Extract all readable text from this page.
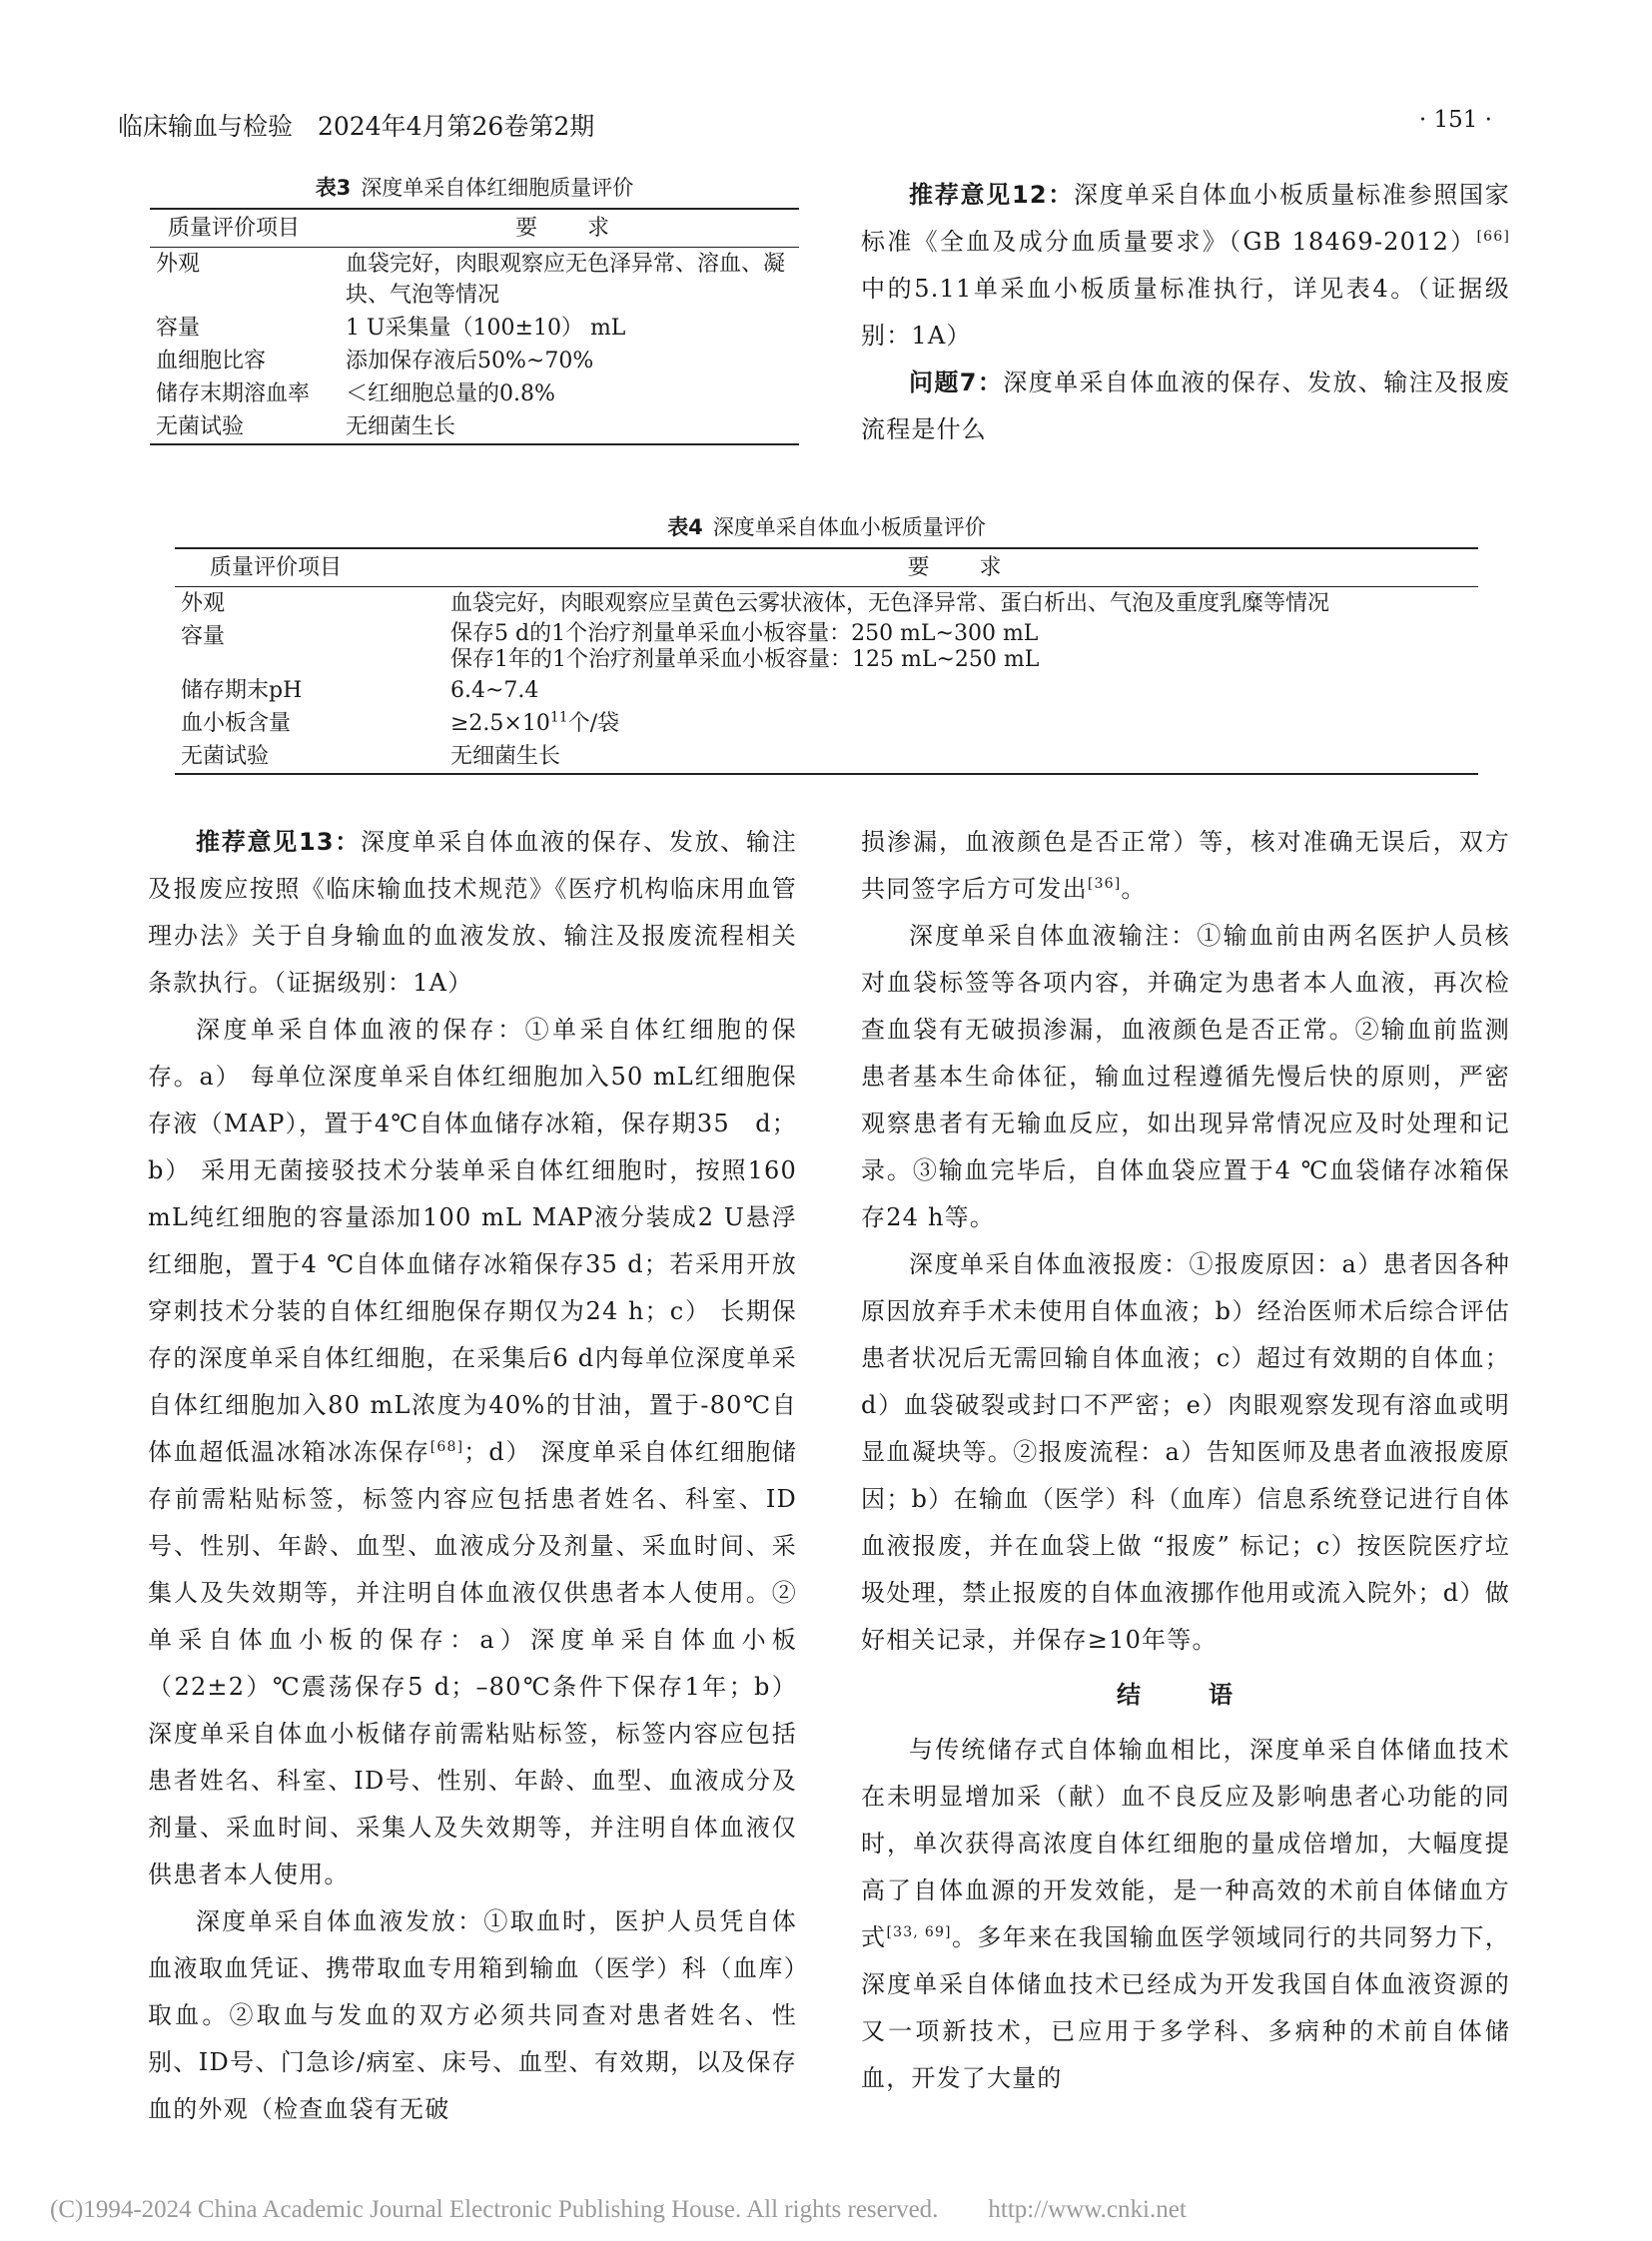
临床输血与检验　2024年4月第26卷第2期	· 151 ·
表3 深度单采自体红细胞质量评价
质量评价项目	要　求
外观	血袋完好，肉眼观察应无色泽异常、溶血、凝块、气泡等情况
容量	1 U采集量（100±10） mL
血细胞比容	添加保存液后50%~70%
储存末期溶血率	＜红细胞总量的0.8%
无菌试验	无细菌生长

推荐意见12：深度单采自体血小板质量标准参照国家标准《全血及成分血质量要求》（GB 18469-2012）[66]中的5.11单采血小板质量标准执行，详见表4。（证据级别：1A）

问题7：深度单采自体血液的保存、发放、输注及报废流程是什么

表4 深度单采自体血小板质量评价
质量评价项目	要　求
外观	血袋完好，肉眼观察应呈黄色云雾状液体，无色泽异常、蛋白析出、气泡及重度乳糜等情况
容量	保存5 d的1个治疗剂量单采血小板容量：250 mL~300 mL
保存1年的1个治疗剂量单采血小板容量：125 mL~250 mL

储存期末pH	6.4~7.4
血小板含量	$\ge 2.5\times 10^{11}$个/袋
无菌试验	无细菌生长

推荐意见13：深度单采自体血液的保存、发放、输注及报废应按照《临床输血技术规范》《医疗机构临床用血管理办法》关于自身输血的血液发放、输注及报废流程相关条款执行。（证据级别：1A）

深度单采自体血液的保存：①单采自体红细胞的保存。a） 每单位深度单采自体红细胞加入50 mL红细胞保存液（MAP），置于4℃自体血储存冰箱，保存期35　d；b） 采用无菌接驳技术分装单采自体红细胞时，按照160 mL纯红细胞的容量添加100 mL MAP液分装成2 U悬浮红细胞，置于4 ℃自体血储存冰箱保存35 d；若采用开放穿刺技术分装的自体红细胞保存期仅为24 h；c） 长期保存的深度单采自体红细胞，在采集后6 d内每单位深度单采自体红细胞加入80 mL浓度为40%的甘油，置于-80℃自体血超低温冰箱冰冻保存[68]；d） 深度单采自体红细胞储存前需粘贴标签，标签内容应包括患者姓名、科室、ID号、性别、年龄、血型、血液成分及剂量、采血时间、采集人及失效期等，并注明自体血液仅供患者本人使用。②单采自体血小板的保存：a）深度单采自体血小板（22±2）℃震荡保存5 d；–80℃条件下保存1年；b）深度单采自体血小板储存前需粘贴标签，标签内容应包括患者姓名、科室、ID号、性别、年龄、血型、血液成分及剂量、采血时间、采集人及失效期等，并注明自体血液仅供患者本人使用。

深度单采自体血液发放：①取血时，医护人员凭自体血液取血凭证、携带取血专用箱到输血（医学）科（血库）取血。②取血与发血的双方必须共同查对患者姓名、性别、ID号、门急诊/病室、床号、血型、有效期，以及保存血的外观（检查血袋有无破

损渗漏，血液颜色是否正常）等，核对准确无误后，双方共同签字后方可发出[36]。

深度单采自体血液输注：①输血前由两名医护人员核对血袋标签等各项内容，并确定为患者本人血液，再次检查血袋有无破损渗漏，血液颜色是否正常。②输血前监测患者基本生命体征，输血过程遵循先慢后快的原则，严密观察患者有无输血反应，如出现异常情况应及时处理和记录。③输血完毕后，自体血袋应置于4 ℃血袋储存冰箱保存24 h等。

深度单采自体血液报废：①报废原因：a）患者因各种原因放弃手术未使用自体血液；b）经治医师术后综合评估患者状况后无需回输自体血液；c）超过有效期的自体血；d）血袋破裂或封口不严密；e）肉眼观察发现有溶血或明显血凝块等。②报废流程：a）告知医师及患者血液报废原因；b）在输血（医学）科（血库）信息系统登记进行自体血液报废，并在血袋上做 “报废” 标记；c）按医院医疗垃圾处理，禁止报废的自体血液挪作他用或流入院外；d）做好相关记录，并保存≥10年等。

结　语

与传统储存式自体输血相比，深度单采自体储血技术在未明显增加采（献）血不良反应及影响患者心功能的同时，单次获得高浓度自体红细胞的量成倍增加，大幅度提高了自体血源的开发效能，是一种高效的术前自体储血方式[33, 69]。多年来在我国输血医学领域同行的共同努力下，深度单采自体储血技术已经成为开发我国自体血液资源的又一项新技术，已应用于多学科、多病种的术前自体储血，开发了大量的

(C)1994-2024 China Academic Journal Electronic Publishing House. All rights reserved.　　http://www.cnki.net
